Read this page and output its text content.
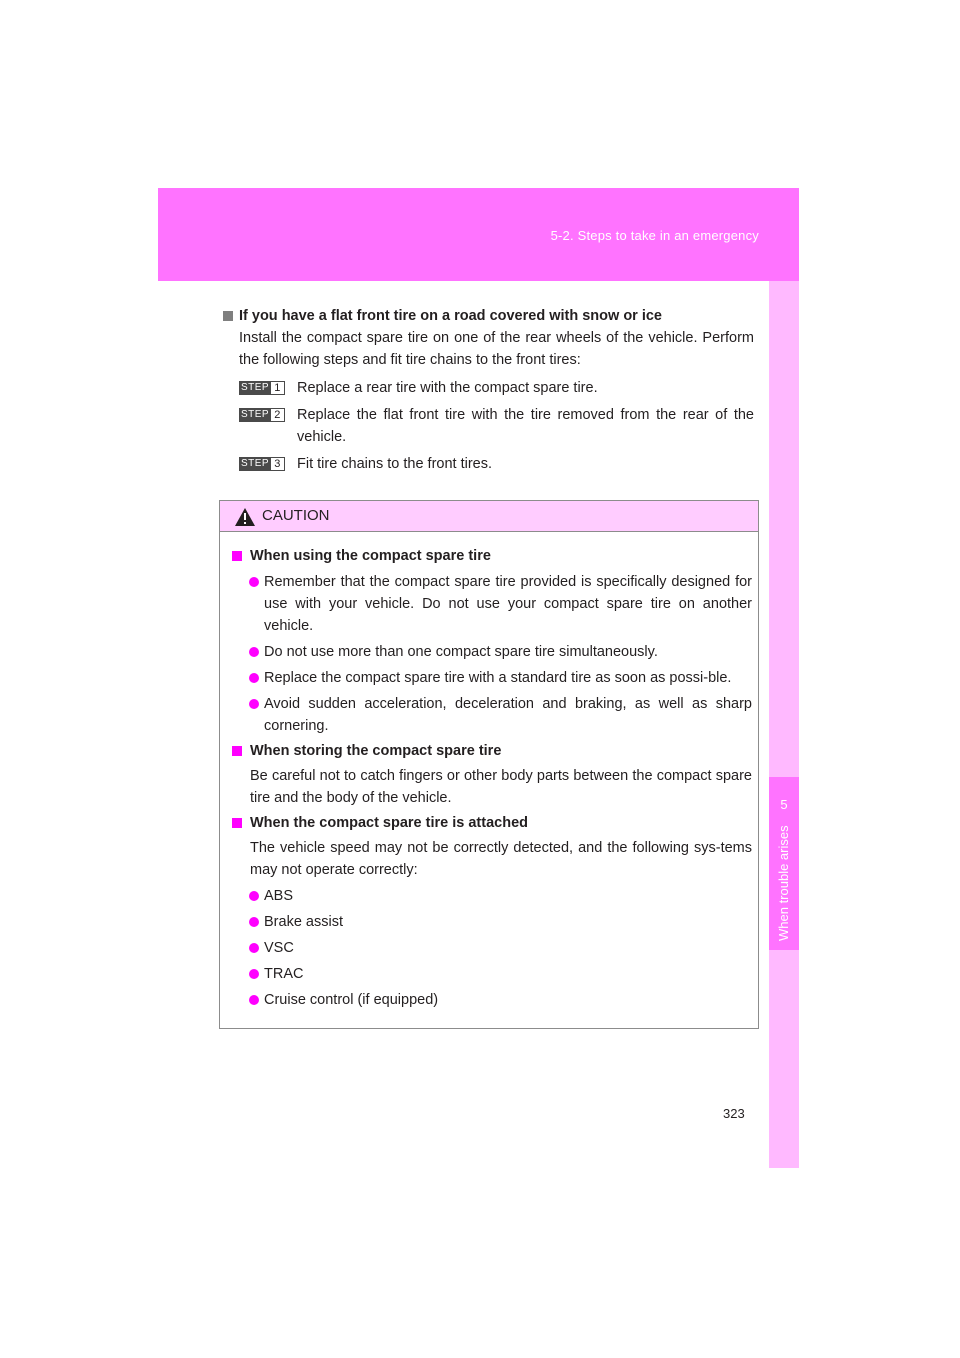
5-2. Steps to take in an emergency
5
When trouble arises
If you have a flat front tire on a road covered with snow or ice

Install the compact spare tire on one of the rear wheels of the vehicle. Perform the following steps and fit tire chains to the front tires:

STEP 1 Replace a rear tire with the compact spare tire.
STEP 2 Replace the flat front tire with the tire removed from the rear of the vehicle.
STEP 3 Fit tire chains to the front tires.
CAUTION
When using the compact spare tire
Remember that the compact spare tire provided is specifically designed for use with your vehicle. Do not use your compact spare tire on another vehicle.
Do not use more than one compact spare tire simultaneously.
Replace the compact spare tire with a standard tire as soon as possi-ble.
Avoid sudden acceleration, deceleration and braking, as well as sharp cornering.
When storing the compact spare tire

Be careful not to catch fingers or other body parts between the compact spare tire and the body of the vehicle.

When the compact spare tire is attached

The vehicle speed may not be correctly detected, and the following sys-tems may not operate correctly:

ABS
Brake assist
VSC
TRAC
Cruise control (if equipped)
323
